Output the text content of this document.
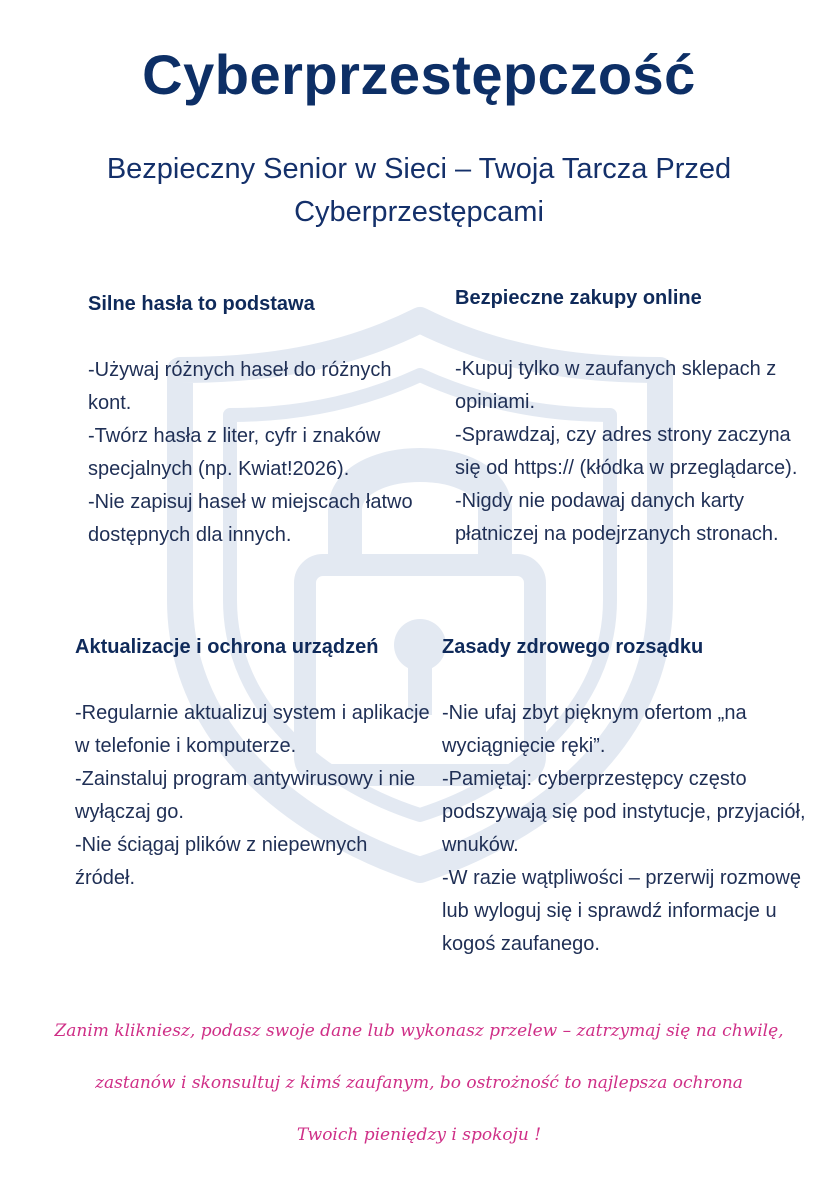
Cyberprzestępczość

Bezpieczny Senior w Sieci – Twoja Tarcza Przed Cyberprzestępcami

Silne hasła to podstawa

-Używaj różnych haseł do różnych kont.

-Twórz hasła z liter, cyfr i znaków specjalnych (np. Kwiat!2026).

-Nie zapisuj haseł w miejscach łatwo dostępnych dla innych.

Bezpieczne zakupy online

-Kupuj tylko w zaufanych sklepach z opiniami.

-Sprawdzaj, czy adres strony zaczyna się od https:// (kłódka w przeglądarce).

-Nigdy nie podawaj danych karty płatniczej na podejrzanych stronach.

Aktualizacje i ochrona urządzeń

-Regularnie aktualizuj system i aplikacje w telefonie i komputerze.

-Zainstaluj program antywirusowy i nie wyłączaj go.

-Nie ściągaj plików z niepewnych źródeł.

Zasady zdrowego rozsądku

-Nie ufaj zbyt pięknym ofertom „na wyciągnięcie ręki”.

-Pamiętaj: cyberprzestępcy często podszywają się pod instytucje, przyjaciół, wnuków.

-W razie wątpliwości – przerwij rozmowę lub wyloguj się i sprawdź informacje u kogoś zaufanego.

Zanim klikniesz, podasz swoje dane lub wykonasz przelew – zatrzymaj się na chwilę,
zastanów i skonsultuj z kimś zaufanym, bo ostrożność to najlepsza ochrona
Twoich pieniędzy i spokoju !
